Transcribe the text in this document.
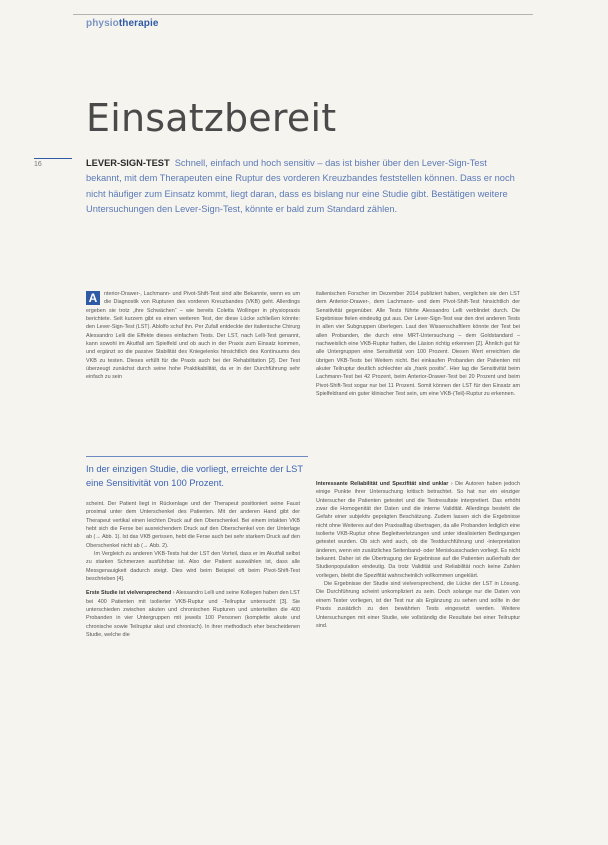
physiotherapie
Einsatzbereit
16	LEVER-SIGN-TEST Schnell, einfach und hoch sensitiv – das ist bisher über den Lever-Sign-Test bekannt, mit dem Therapeuten eine Ruptur des vorderen Kreuzbandes feststellen können. Dass er noch nicht häufiger zum Einsatz kommt, liegt daran, dass es bislang nur eine Studie gibt. Bestätigen weitere Untersuchungen den Lever-Sign-Test, könnte er bald zum Standard zählen.

A	nterior-Drawer-, Lachmann- und Pivot-Shift-Test sind alte Bekannte, wenn es um die Diagnostik von Rupturen des vorderen Kreuzbandes (VKB) geht. Allerdings ergeben sie trotz „ihre Schwächen“ – wie bereits Coletta Wollinger in physiopraxis berichtete. Seit kurzem gibt es einen weiteren Test, der diese Lücke schließen könnte: den Lever-Sign-Test (LST). Ablolfo schuf ihn. Per Zufall entdeckte der italienische Chirurg Alessandro Lelli die Effekte dieses einfachen Tests. Der LST, nach Lelli-Test genannt, kann sowohl im Akutfall am Spielfeld und ob auch in der Praxis zum Einsatz kommen, und ergänzt so die passive Stabilität des Kniegelenks hinsichtlich des Kontinuums des VKB zu testen. Dieses erfüllt für die Praxis auch bei der Rehabilitation [2]. Der Test überzeugt zunächst durch seine hohe Praktikabilität, da er in der Durchführung sehr einfach zu sein

In der einzigen Studie, die vorliegt, erreichte der LST eine Sensitivität von 100 Prozent.

scheint. Der Patient liegt in Rückenlage und der Therapeut positioniert seine Faust proximal unter dem Unterschenkel des Patienten. Mit der anderen Hand gibt der Therapeut vertikal einen leichten Druck auf den Oberschenkel. Bei einem intakten VKB hebt sich die Ferse bei ausreichendem Druck auf den Oberschenkel von der Unterlage ab (→ Abb. 1). Ist das VKB gerissen, hebt die Ferse auch bei sehr starkem Druck auf den Oberschenkel nicht ab (→ Abb. 2).

Im Vergleich zu anderen VKB-Tests hat der LST den Vorteil, dass er im Akutfall selbst zu starken Schmerzen ausführbar ist. Also der Patient auswählen ist, dass alle Messgenauigkeit dadurch steigt. Dies wird beim Beispiel oft beim Pivot-Shift-Test beschrieben [4].

Erste Studie ist vielversprechend › Alessandro Lelli und seine Kollegen haben den LST bei 400 Patienten mit isolierter VKB-Ruptur und -Teilruptur untersucht [3]. Sie unterschieden zwischen akuten und chronischen Rupturen und unterteilten die 400 Probanden in vier Untergruppen mit jeweils 100 Personen (komplette akute und chronische sowie Teilruptur akut und chronisch). In ihrer methodisch eher bescheidenen Studie, welche die

italienischen Forscher im Dezember 2014 publiziert haben, verglichen sie den LST dem Anterior-Drawer-, dem Lachmann- und dem Pivot-Shift-Test hinsichtlich der Sensitivität gegenüber. Alle Tests führte Alessandro Lelli verblindet durch. Die Ergebnisse fielen eindeutig gut aus. Der Lever-Sign-Test war den drei anderen Tests in allen vier Subgruppen überlegen. Laut den Wissenschaftlern könnte der Test bei allen Probanden, die durch eine MRT-Untersuchung – dem Goldstandard – nachweislich eine VKB-Ruptur hatten, die Läsion richtig erkennen [2]. Ähnlich gut für alle Untergruppen eine Sensitivität von 100 Prozent. Diesen Wert erreichten die übrigen VKB-Tests bei Weitem nicht. Bei einkaufen Probanden der Patienten mit akuter Teilruptur deutlich schlechter als „frank positiv“. Hier lag die Sensitivität beim Lachmann-Test bei 42 Prozent, beim Anterior-Drawer-Test bei 20 Prozent und beim Pivot-Shift-Test sogar nur bei 11 Prozent. Somit können der LST für den Einsatz am Spielfeldrand ein guter klinischer Test sein, um eine VKB-(Teil)-Ruptur zu erkennen.

Interessante Reliabilität und Spezifität sind unklar › Die Autoren haben jedoch einige Punkte ihrer Untersuchung kritisch betrachtet. So hat nur ein einziger Untersucher die Patienten getestet und die Testresultate interpretiert. Das erhöht zwar die Homogenität der Daten und die interne Validität. Allerdings besteht die Gefahr einer subjektiv geprägten Beschätzung. Zudem lassen sich die Ergebnisse nicht ohne Weiteres auf den Praxisalltag übertragen, da alle Probanden lediglich eine isolierte VKB-Ruptur ohne Begleitverletzungen und unter idealisierten Bedingungen getestet wurden. Ob sich wird auch, ob die Testdurchführung und -interpretation änderen, wenn ein zusätzliches Seitenband- oder Meniskusschaden vorliegt. Es nicht bekannt. Daher ist die Übertragung der Ergebnisse auf die Patienten außerhalb der Studienpopulation eindeutig. Da trotz Validität und Reliabilität noch keine Zahlen vorliegen, bleibt die Spezifität wahrscheinlich vollkommen ungeklärt.

Die Ergebnisse der Studie sind vielversprechend, die Lücke der LST in Lösung. Die Durchführung scheint unkompliziert zu sein. Doch solange nur die Daten von einem Tester vorliegen, ist der Test nur als Ergänzung zu sehen und sollte in der Praxis zusätzlich zu den bewährten Tests eingesetzt werden. Weitere Untersuchungen mit einer Studie, wie vollständig die Resultate bei einer Teilruptur sind.
